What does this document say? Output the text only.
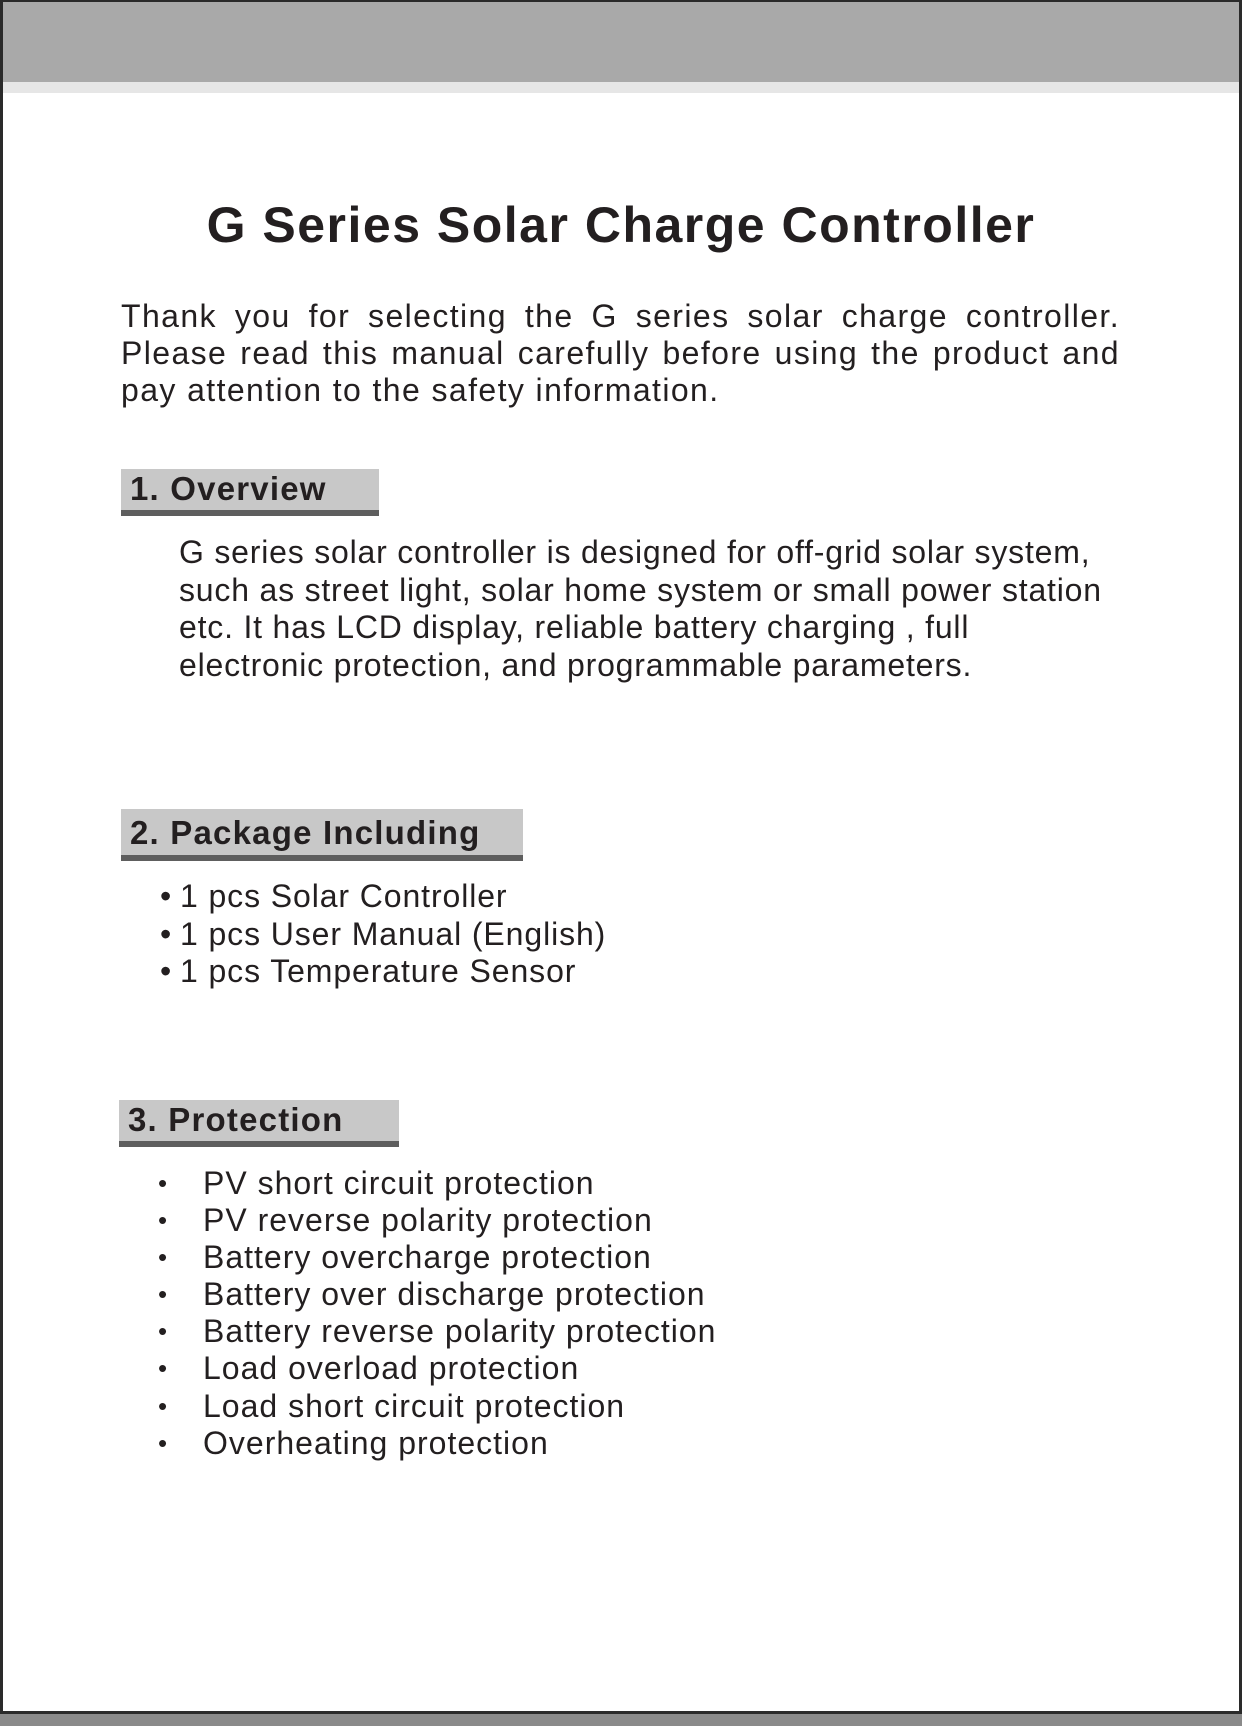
G Series Solar Charge Controller

Thank you for selecting the G series solar charge controller. Please read this manual carefully before using the product and pay attention to the safety information.

1. Overview

G series solar controller is designed for off-grid solar system, such as street light, solar home system or small power station etc. It has LCD display, reliable battery charging , full electronic protection, and programmable parameters.

2. Package Including
• 1 pcs Solar Controller
• 1 pcs User Manual (English)
• 1 pcs Temperature Sensor
3. Protection
• PV short circuit protection
• PV reverse polarity protection
• Battery overcharge protection
• Battery over discharge protection
• Battery reverse polarity protection
• Load overload protection
• Load short circuit protection
• Overheating protection
